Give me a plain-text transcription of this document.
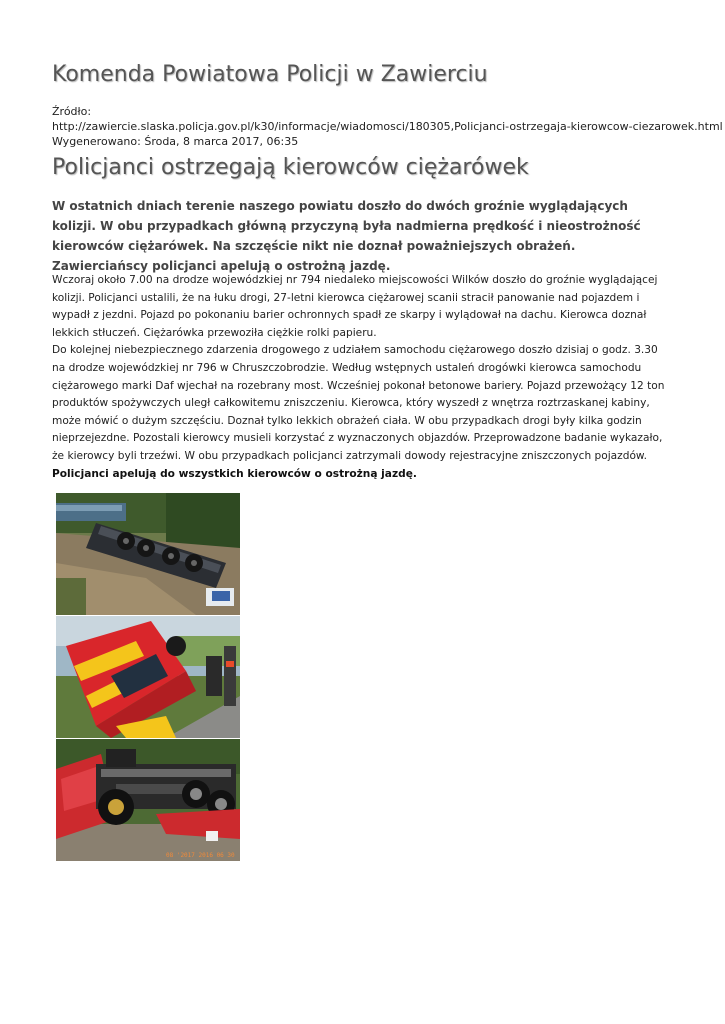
Komenda Powiatowa Policji w Zawierciu
Źródło:
http://zawiercie.slaska.policja.gov.pl/k30/informacje/wiadomosci/180305,Policjanci-ostrzegaja-kierowcow-ciezarowek.html
Wygenerowano: Środa, 8 marca 2017, 06:35
Policjanci ostrzegają kierowców ciężarówek

W ostatnich dniach terenie naszego powiatu doszło do dwóch groźnie wyglądających kolizji. W obu przypadkach główną przyczyną była nadmierna prędkość i nieostrożność kierowców ciężarówek. Na szczęście nikt nie doznał poważniejszych obrażeń. Zawierciańscy policjanci apelują o ostrożną jazdę.

Wczoraj około 7.00 na drodze wojewódzkiej nr 794 niedaleko miejscowości Wilków doszło do groźnie wyglądającej kolizji. Policjanci ustalili, że na łuku drogi, 27-letni kierowca ciężarowej scanii stracił panowanie nad pojazdem i wypadł z jezdni. Pojazd po pokonaniu barier ochronnych spadł ze skarpy i wylądował na dachu. Kierowca doznał lekkich stłuczeń. Ciężarówka przewoziła ciężkie rolki papieru.

Do kolejnej niebezpiecznego zdarzenia drogowego z udziałem samochodu ciężarowego doszło dzisiaj o godz. 3.30 na drodze wojewódzkiej nr 796 w Chruszczobrodzie. Według wstępnych ustaleń drogówki kierowca samochodu ciężarowego marki Daf wjechał na rozebrany most. Wcześniej pokonał betonowe bariery. Pojazd przewożący 12 ton produktów spożywczych uległ całkowitemu zniszczeniu. Kierowca, który wyszedł z wnętrza roztrzaskanej kabiny, może mówić o dużym szczęściu. Doznał tylko lekkich obrażeń ciała. W obu przypadkach drogi były kilka godzin nieprzejezdne. Pozostali kierowcy musieli korzystać z wyznaczonych objazdów. Przeprowadzone badanie wykazało, że kierowcy byli trzeźwi. W obu przypadkach policjanci zatrzymali dowody rejestracyjne zniszczonych pojazdów.

Policjanci apelują do wszystkich kierowców o ostrożną jazdę.

08 '2017 2016 06 30
